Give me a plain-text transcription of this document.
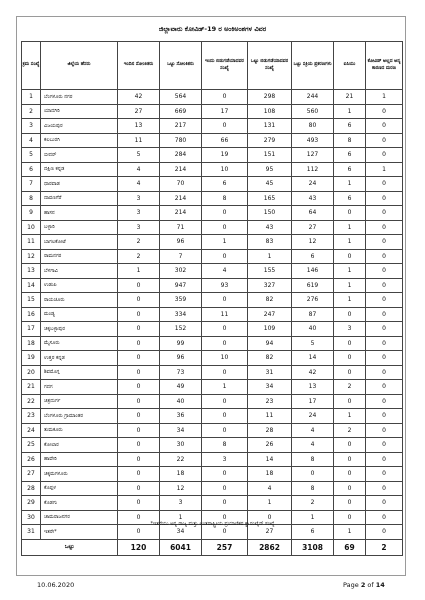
ಜಿಲ್ಲಾವಾರು ಕೋವಿಡ್-19 ರ ಅಂಕಿಅಂಶಗಳ ವಿವರ
ಕ್ರಮ ಸಂಖ್ಯೆ	ಜಿಲ್ಲೆಯ ಹೆಸರು	ಇಂದಿನ ಸೋಂಕಿತರು	ಒಟ್ಟು ಸೋಂಕಿತರು	ಇಂದು ಬಿಡುಗಡೆಯಾದವರ ಸಂಖ್ಯೆ	ಒಟ್ಟು ಬಿಡುಗಡೆಯಾದವರ ಸಂಖ್ಯೆ	ಒಟ್ಟು ಸಕ್ರಿಯ ಪ್ರಕರಣಗಳು	ಐಸಿಯು	ಕೋವಿಡ್ ಅಲ್ಲದ ಅನ್ಯ ಕಾರಣದ ಮರಣ
1	ಬೆಂಗಳೂರು ನಗರ	42	564	0	298	244	21	1
2	ಯಾದಗಿರಿ	27	669	17	108	560	1	0
3	ವಿಜಯಪುರ	13	217	0	131	80	6	0
4	ಕಲಬುರಗಿ	11	780	66	279	493	8	0
5	ಬೀದರ್	5	284	19	151	127	6	0
6	ದಕ್ಷಿಣ ಕನ್ನಡ	4	214	10	95	112	6	1
7	ಧಾರವಾಡ	4	70	6	45	24	1	0
8	ದಾವಣಗೆರೆ	3	214	8	165	43	6	0
9	ಹಾಸನ	3	214	0	150	64	0	0
10	ಬಳ್ಳಾರಿ	3	71	0	43	27	1	0
11	ಬಾಗಲಕೋಟೆ	2	96	1	83	12	1	0
12	ರಾಮನಗರ	2	7	0	1	6	0	0
13	ಬೆಳಗಾವಿ	1	302	4	155	146	1	0
14	ಉಡುಪಿ	0	947	93	327	619	1	0
15	ರಾಯಚೂರು	0	359	0	82	276	1	0
16	ಮಂಡ್ಯ	0	334	11	247	87	0	0
17	ಚಿಕ್ಕಬಳ್ಳಾಪುರ	0	152	0	109	40	3	0
18	ಮೈಸೂರು	0	99	0	94	5	0	0
19	ಉತ್ತರ ಕನ್ನಡ	0	96	10	82	14	0	0
20	ಶಿವಮೊಗ್ಗ	0	73	0	31	42	0	0
21	ಗದಗ	0	49	1	34	13	2	0
22	ಚಿತ್ರದುರ್ಗ	0	40	0	23	17	0	0
23	ಬೆಂಗಳೂರು ಗ್ರಾಮಾಂತರ	0	36	0	11	24	1	0
24	ತುಮಕೂರು	0	34	0	28	4	2	0
25	ಕೋಲಾರ	0	30	8	26	4	0	0
26	ಹಾವೇರಿ	0	22	3	14	8	0	0
27	ಚಿಕ್ಕಮಗಳೂರು	0	18	0	18	0	0	0
28	ಕೊಪ್ಪಳ	0	12	0	4	8	0	0
29	ಕೊಡಗು	0	3	0	1	2	0	0
30	ಚಾಮರಾಜನಗರ	0	1	0	0	1	0	0
31	ಇತರೇ*	0	34	0	27	6	1	0
ಒಟ್ಟು		120	6041	257	2862	3108	69	2
*ಇತರೆಯು ಅನ್ಯ ರಾಜ್ಯ ಮತ್ತು ಅಂತರಾಷ್ಟ್ರೀಯ ಪ್ರಯಾಣಿಕರ ಕ್ವಾರಂಟೈನ್ ಸಂಖ್ಯೆ
10.06.2020	Page 2 of 14
